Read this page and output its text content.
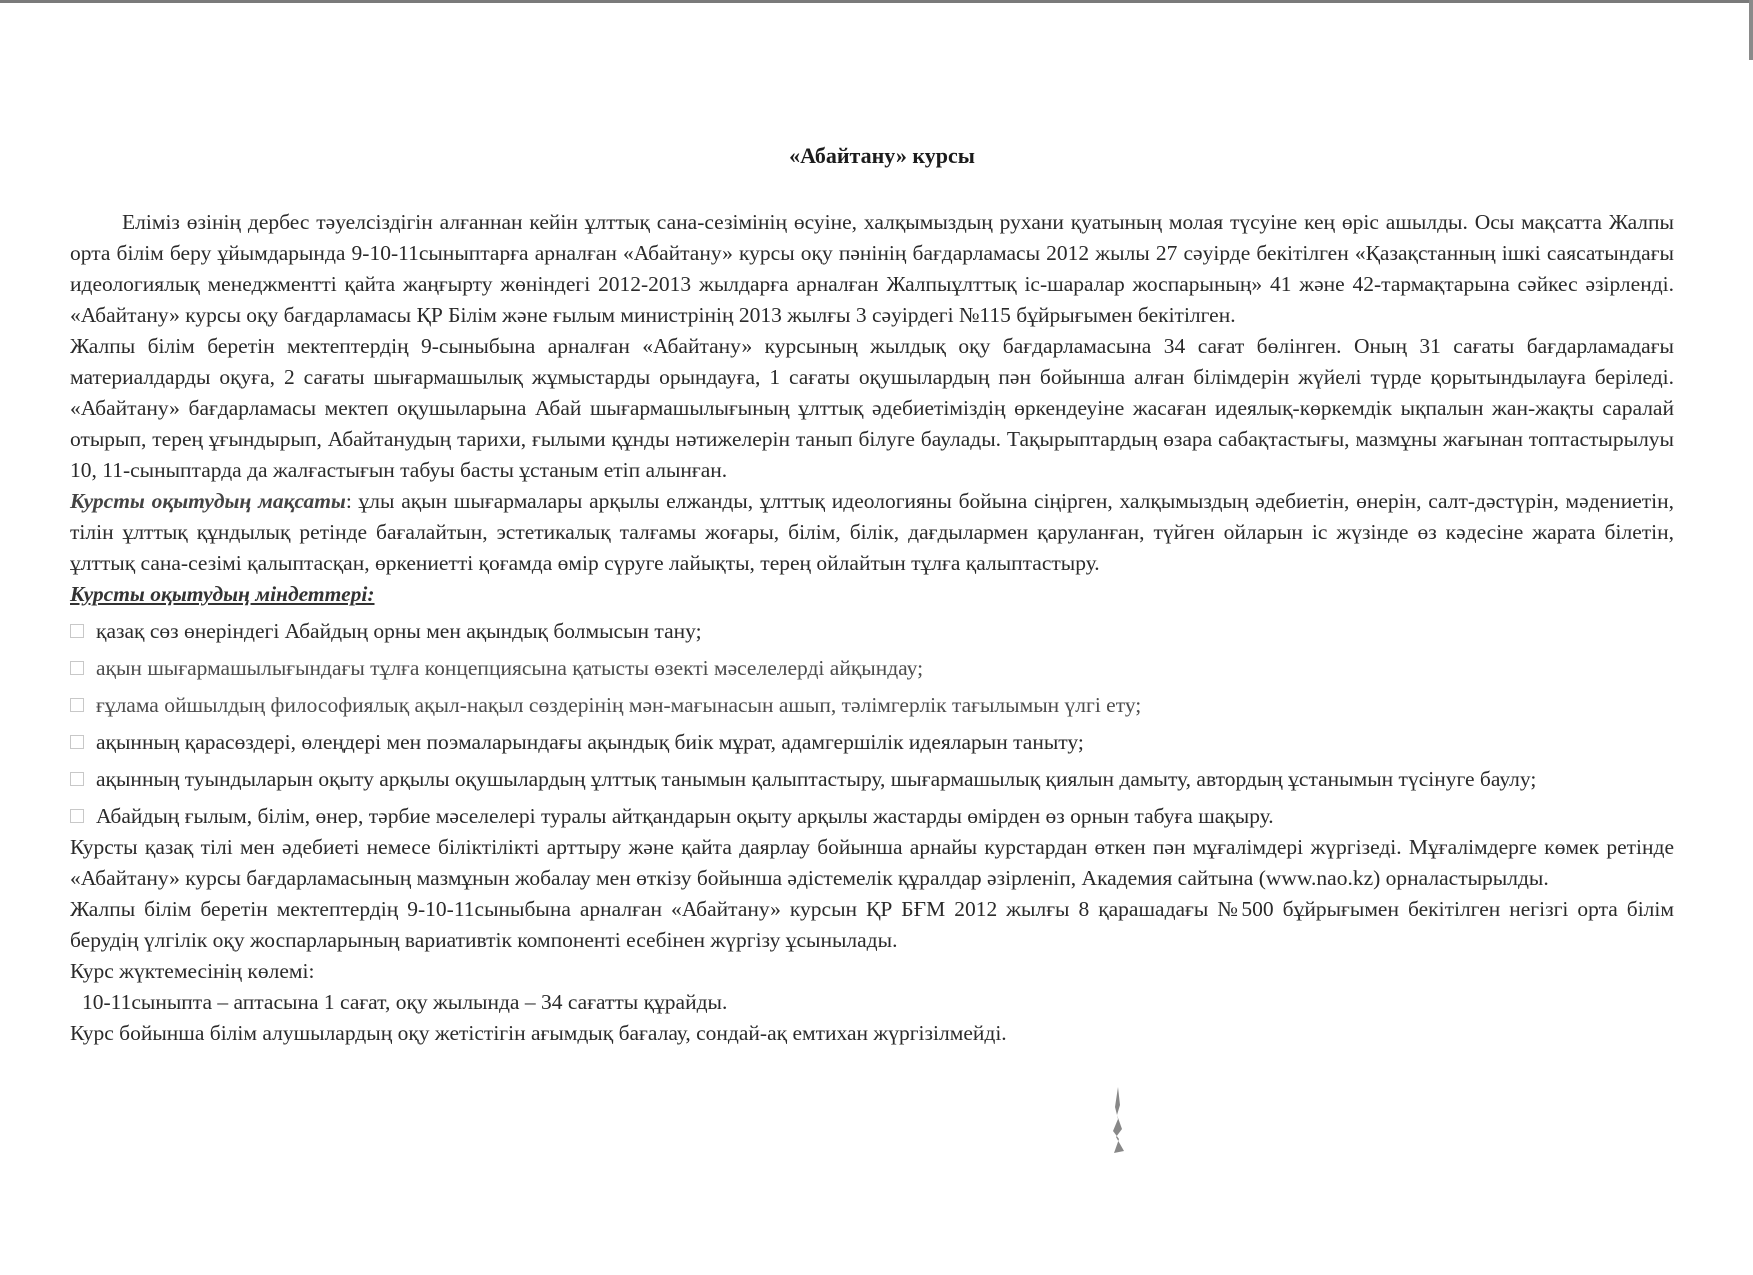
«Абайтану» курсы

Еліміз өзінің дербес тәуелсіздігін алғаннан кейін ұлттық сана-сезімінің өсуіне, халқымыздың рухани қуатының молая түсуіне кең өріс ашылды. Осы мақсатта Жалпы орта білім беру ұйымдарында 9-10-11сыныптарға арналған «Абайтану» курсы оқу пәнінің бағдарламасы 2012 жылы 27 сәуірде бекітілген «Қазақстанның ішкі саясатындағы идеологиялық менеджментті қайта жаңғырту жөніндегі 2012-2013 жылдарға арналған Жалпыұлттық іс-шаралар жоспарының» 41 және 42-тармақтарына сәйкес әзірленді. «Абайтану» курсы оқу бағдарламасы ҚР Білім және ғылым министрінің 2013 жылғы 3 сәуірдегі №115 бұйрығымен бекітілген.

Жалпы білім беретін мектептердің 9-сыныбына арналған «Абайтану» курсының жылдық оқу бағдарламасына 34 сағат бөлінген. Оның 31 сағаты бағдарламадағы материалдарды оқуға, 2 сағаты шығармашылық жұмыстарды орындауға, 1 сағаты оқушылардың пән бойынша алған білімдерін жүйелі түрде қорытындылауға беріледі. «Абайтану» бағдарламасы мектеп оқушыларына Абай шығармашылығының ұлттық әдебиетіміздің өркендеуіне жасаған идеялық-көркемдік ықпалын жан-жақты саралай отырып, терең ұғындырып, Абайтанудың тарихи, ғылыми құнды нәтижелерін танып білуге баулады. Тақырыптардың өзара сабақтастығы, мазмұны жағынан топтастырылуы 10, 11-сыныптарда да жалғастығын табуы басты ұстаным етіп алынған.

Курсты оқытудың мақсаты: ұлы ақын шығармалары арқылы елжанды, ұлттық идеологияны бойына сіңірген, халқымыздың әдебиетін, өнерін, салт-дәстүрін, мәдениетін, тілін ұлттық құндылық ретінде бағалайтын, эстетикалық талғамы жоғары, білім, білік, дағдылармен қаруланған, түйген ойларын іс жүзінде өз кәдесіне жарата білетін, ұлттық сана-сезімі қалыптасқан, өркениетті қоғамда өмір сүруге лайықты, терең ойлайтын тұлға қалыптастыру.

Курсты оқытудың міндеттері:

қазақ сөз өнеріндегі Абайдың орны мен ақындық болмысын тану;

ақын шығармашылығындағы тұлға концепциясына қатысты өзекті мәселелерді айқындау;

ғұлама ойшылдың философиялық ақыл-нақыл сөздерінің мән-мағынасын ашып, тәлімгерлік тағылымын үлгі ету;

ақынның қарасөздері, өлеңдері мен поэмаларындағы ақындық биік мұрат, адамгершілік идеяларын таныту;

ақынның туындыларын оқыту арқылы оқушылардың ұлттық танымын қалыптастыру, шығармашылық қиялын дамыту, автордың ұстанымын түсінуге баулу;

Абайдың ғылым, білім, өнер, тәрбие мәселелері туралы айтқандарын оқыту арқылы жастарды өмірден өз орнын табуға шақыру.

Курсты қазақ тілі мен әдебиеті немесе біліктілікті арттыру және қайта даярлау бойынша арнайы курстардан өткен пән мұғалімдері жүргізеді. Мұғалімдерге көмек ретінде «Абайтану» курсы бағдарламасының мазмұнын жобалау мен өткізу бойынша әдістемелік құралдар әзірленіп, Академия сайтына (www.nao.kz) орналастырылды.

Жалпы білім беретін мектептердің 9-10-11сыныбына арналған «Абайтану» курсын ҚР БҒМ 2012 жылғы 8 қарашадағы №500 бұйрығымен бекітілген негізгі орта білім берудің үлгілік оқу жоспарларының вариативтік компоненті есебінен жүргізу ұсынылады.

Курс жүктемесінің көлемі:

10-11сыныпта – аптасына 1 сағат, оқу жылында – 34 сағатты құрайды.

Курс бойынша білім алушылардың оқу жетістігін ағымдық бағалау, сондай-ақ емтихан жүргізілмейді.
